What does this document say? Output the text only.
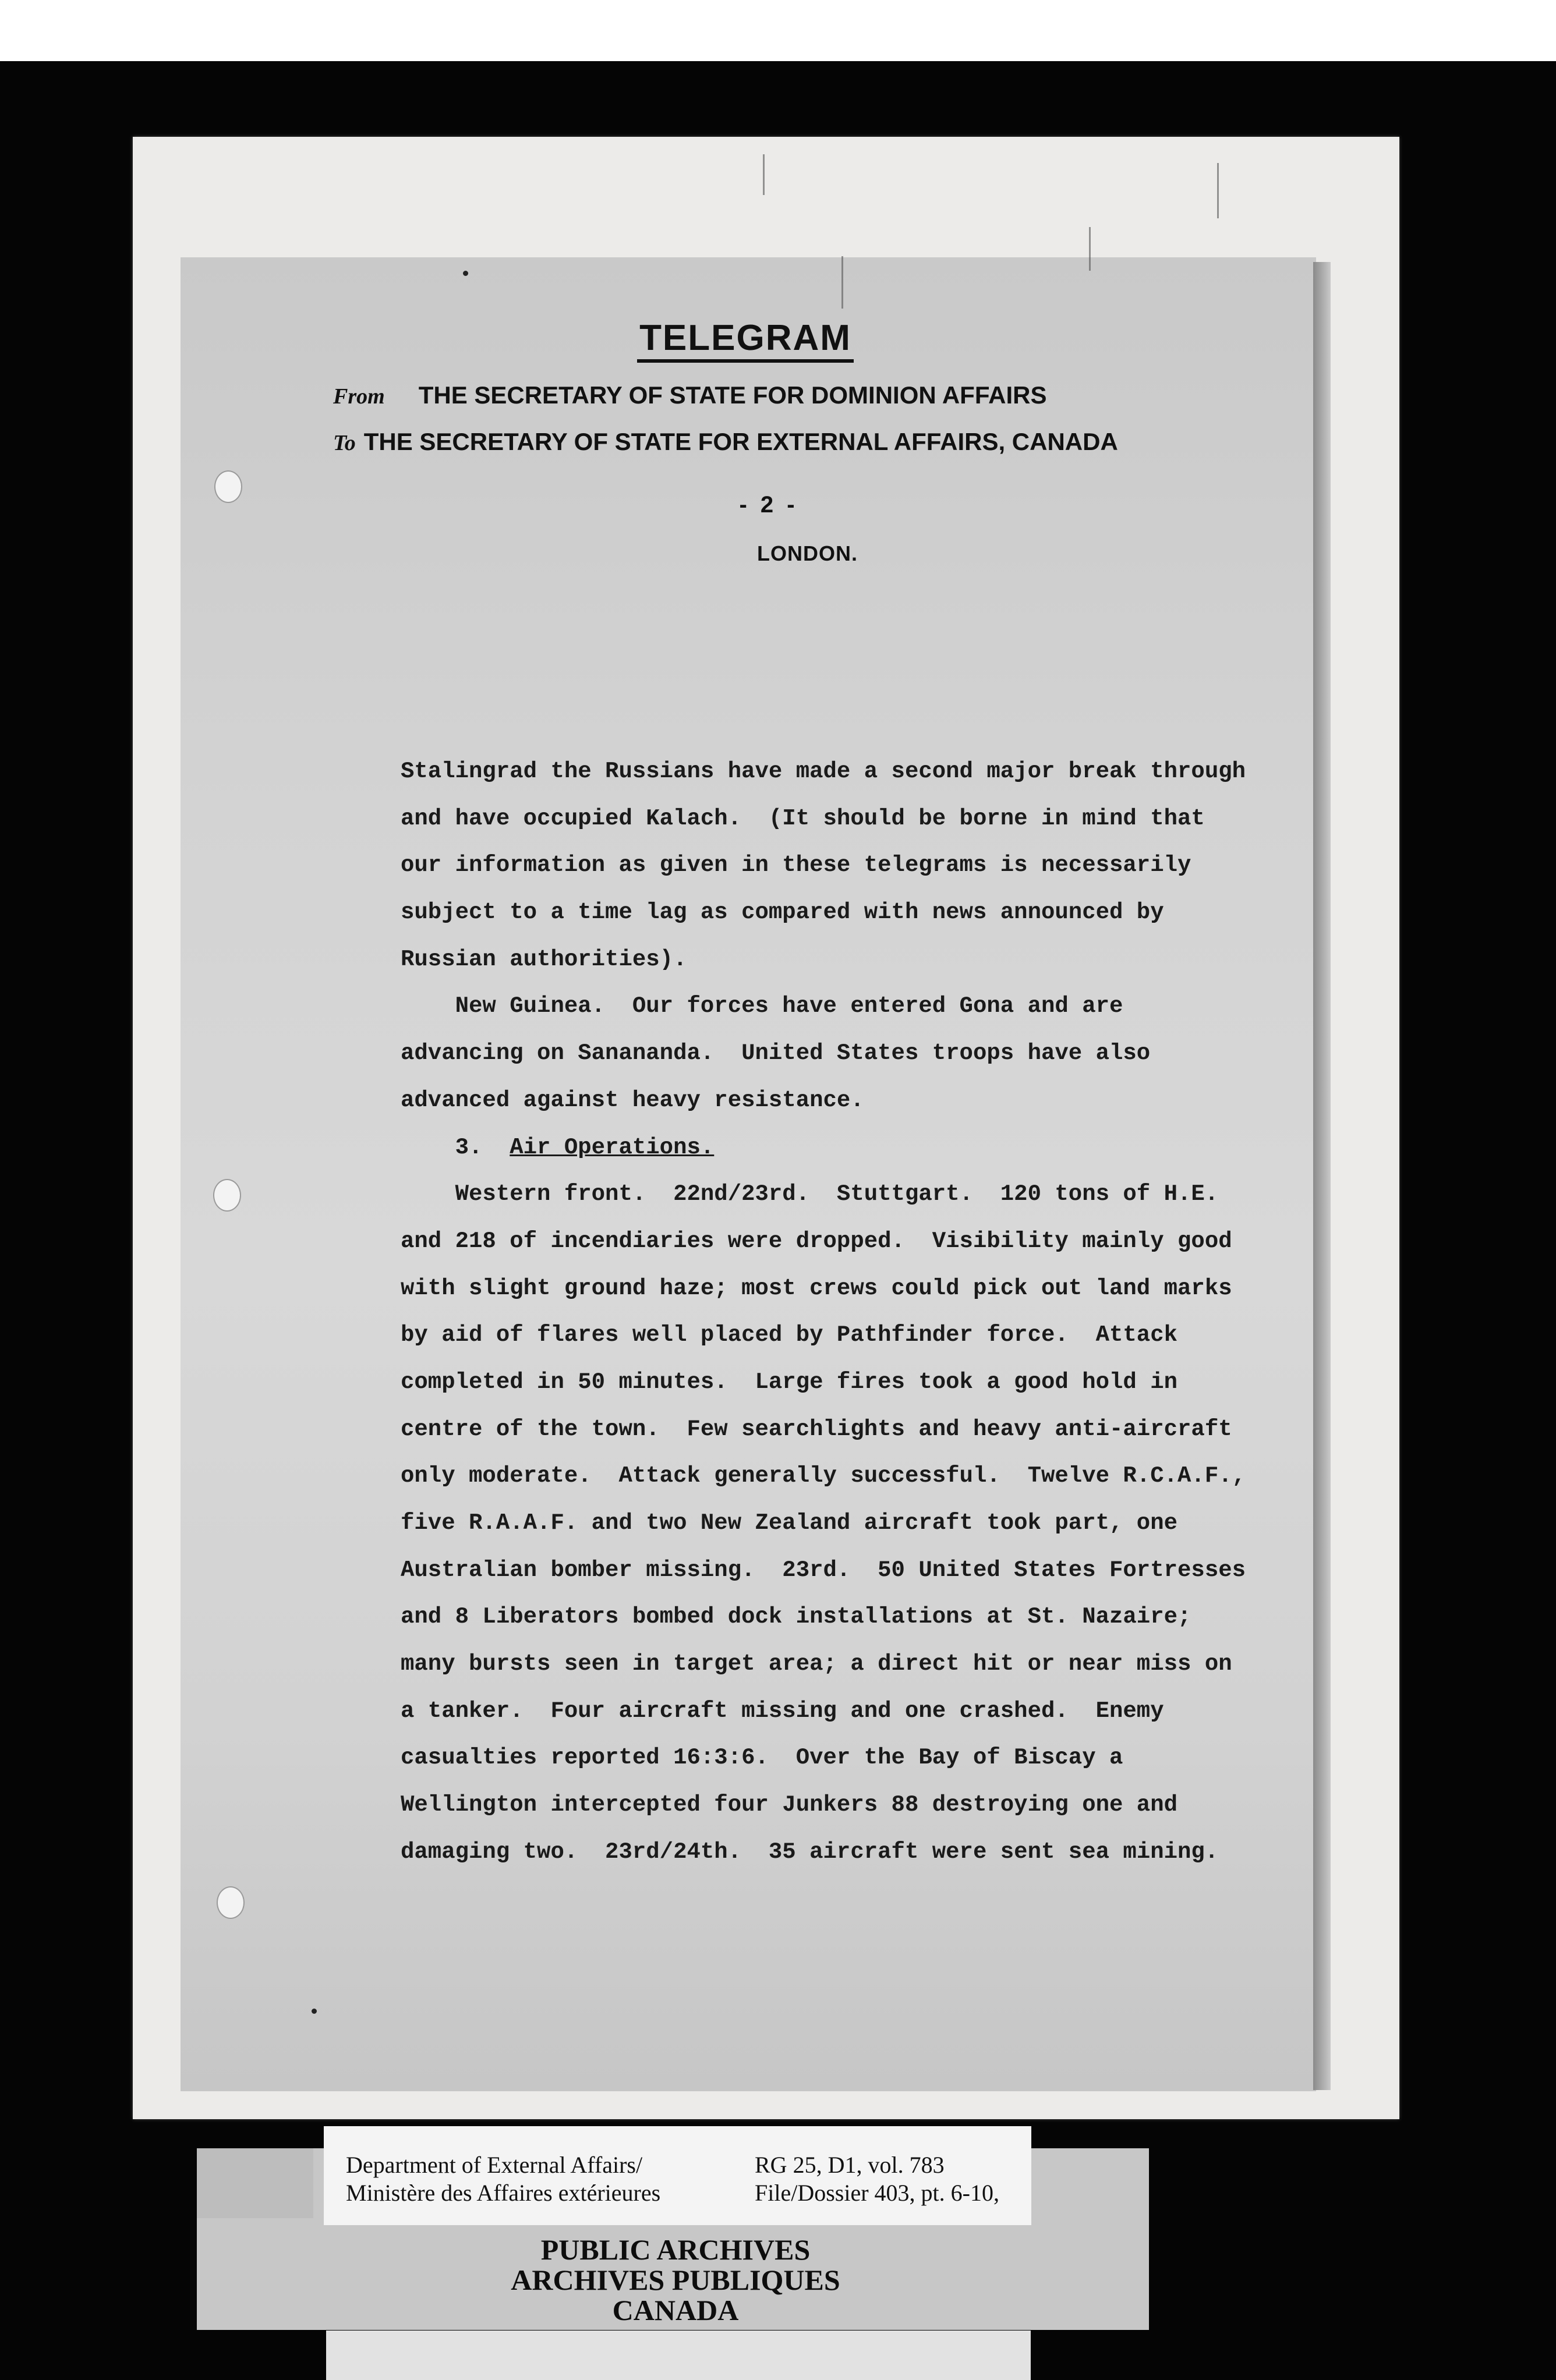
TELEGRAM
From THE SECRETARY OF STATE FOR DOMINION AFFAIRS
To THE SECRETARY OF STATE FOR EXTERNAL AFFAIRS, CANADA
- 2 -
LONDON.
Stalingrad the Russians have made a second major break through
and have occupied Kalach.  (It should be borne in mind that
our information as given in these telegrams is necessarily
subject to a time lag as compared with news announced by
Russian authorities).
New Guinea.  Our forces have entered Gona and are
advancing on Sananandа.  United States troops have also
advanced against heavy resistance.
3.  Air Operations.
Western front.  22nd/23rd.  Stuttgart.  120 tons of H.E.
and 218 of incendiaries were dropped.  Visibility mainly good
with slight ground haze; most crews could pick out land marks
by aid of flares well placed by Pathfinder force.  Attack
completed in 50 minutes.  Large fires took a good hold in
centre of the town.  Few searchlights and heavy anti-aircraft
only moderate.  Attack generally successful.  Twelve R.C.A.F.,
five R.A.A.F. and two New Zealand aircraft took part, one
Australian bomber missing.  23rd.  50 United States Fortresses
and 8 Liberators bombed dock installations at St. Nazaire;
many bursts seen in target area; a direct hit or near miss on
a tanker.  Four aircraft missing and one crashed.  Enemy
casualties reported 16:3:6.  Over the Bay of Biscay a
Wellington intercepted four Junkers 88 destroying one and
damaging two.  23rd/24th.  35 aircraft were sent sea mining.
Department of External Affairs/
Ministère des Affaires extérieures
RG 25, D1, vol. 783
File/Dossier 403, pt. 6-10,
PUBLIC ARCHIVES
ARCHIVES PUBLIQUES
CANADA
